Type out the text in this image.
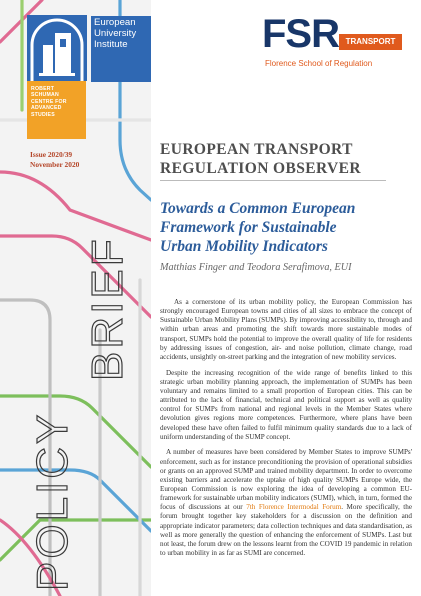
European
University
Institute
ROBERT
SCHUMAN
CENTRE FOR
ADVANCED
STUDIES
Issue 2020/39
November 2020
POLICY
BRIEF
FSR TRANSPORT
Florence School of Regulation
EUROPEAN TRANSPORT
REGULATION OBSERVER
Towards a Common European
Framework for Sustainable
Urban Mobility Indicators
Matthias Finger and Teodora Serafimova, EUI

As a cornerstone of its urban mobility policy, the European Commission has strongly encouraged European towns and cities of all sizes to embrace the concept of Sustainable Urban Mobility Plans (SUMPs). By improving accessibility to, through and within urban areas and promoting the shift towards more sustainable modes of transport, SUMPs hold the potential to improve the overall quality of life for residents by addressing issues of congestion, air- and noise pollution, climate change, road accidents, unsightly on-street parking and the integration of new mobility services.

Despite the increasing recognition of the wide range of benefits linked to this strategic urban mobility planning approach, the implementation of SUMPs has been voluntary and remains limited to a small proportion of European cities. This can be attributed to the lack of financial, technical and political support as well as quality control for SUMPs from national and regional levels in the Member States where devolution gives regions more competences. Furthermore, where plans have been developed these have often failed to fulfil minimum quality standards due to a lack of uniform understanding of the SUMP concept.

A number of measures have been considered by Member States to improve SUMPs' enforcement, such as for instance preconditioning the provision of operational subsidies or grants on an approved SUMP and trained mobility department. In order to overcome existing barriers and accelerate the uptake of high quality SUMPs Europe wide, the European Commission is now exploring the idea of developing a common EU-framework for sustainable urban mobility indicators (SUMI), which, in turn, formed the focus of discussions at our 7th Florence Intermodal Forum. More specifically, the forum brought together key stakeholders for a discussion on the definition and appropriate indicator parameters; data collection techniques and data standardisation, as well as more generally the question of enhancing the enforcement of SUMPs. Last but not least, the forum drew on the lessons learnt from the COVID 19 pandemic in relation to urban mobility in as far as SUMI are concerned.
